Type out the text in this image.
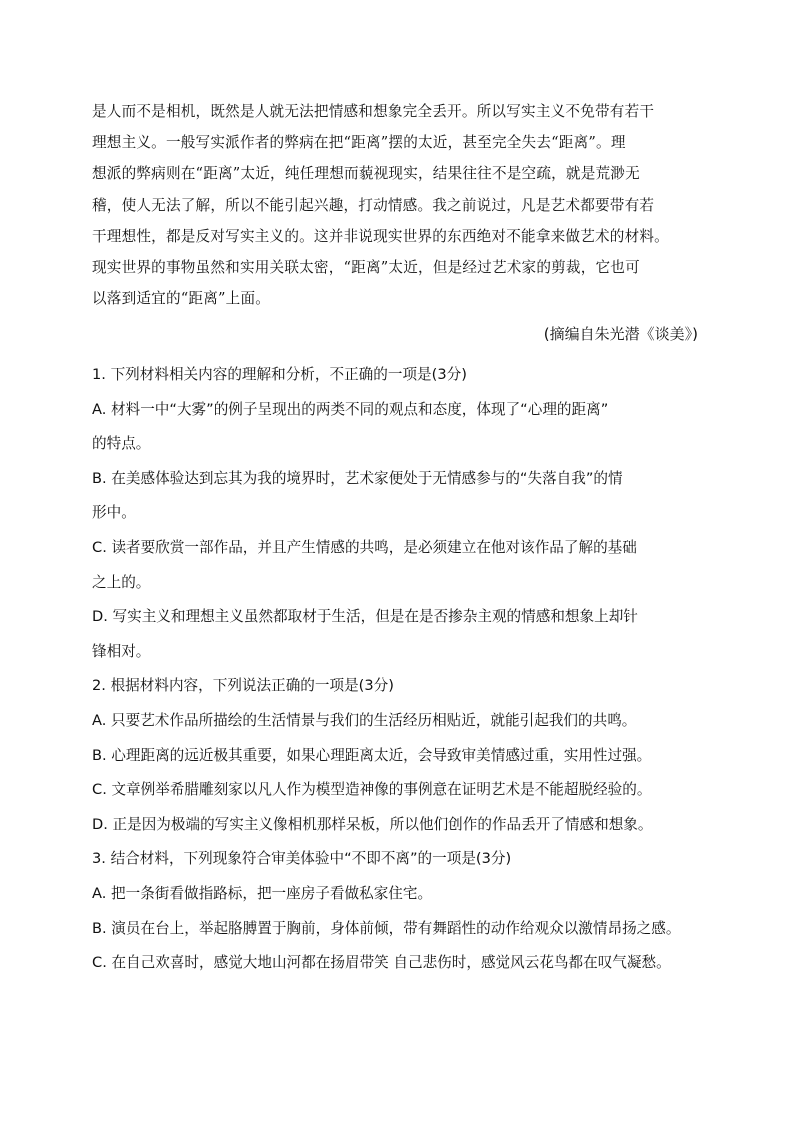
是人而不是相机，既然是人就无法把情感和想象完全丢开。所以写实主义不免带有若干
理想主义。一般写实派作者的弊病在把“距离”摆的太近，甚至完全失去“距离”。理
想派的弊病则在“距离”太近，纯任理想而藐视现实，结果往往不是空疏，就是荒渺无
稽，使人无法了解，所以不能引起兴趣，打动情感。我之前说过，凡是艺术都要带有若
干理想性，都是反对写实主义的。这并非说现实世界的东西绝对不能拿来做艺术的材料。
现实世界的事物虽然和实用关联太密，“距离”太近，但是经过艺术家的剪裁，它也可
以落到适宜的“距离”上面。
(摘编自朱光潜《谈美》)
1. 下列材料相关内容的理解和分析，不正确的一项是(3分)
A. 材料一中“大雾”的例子呈现出的两类不同的观点和态度，体现了“心理的距离”
的特点。
B. 在美感体验达到忘其为我的境界时，艺术家便处于无情感参与的“失落自我”的情
形中。
C. 读者要欣赏一部作品，并且产生情感的共鸣，是必须建立在他对该作品了解的基础
之上的。
D. 写实主义和理想主义虽然都取材于生活，但是在是否掺杂主观的情感和想象上却针
锋相对。
2. 根据材料内容，下列说法正确的一项是(3分)
A. 只要艺术作品所描绘的生活情景与我们的生活经历相贴近，就能引起我们的共鸣。
B. 心理距离的远近极其重要，如果心理距离太近，会导致审美情感过重，实用性过强。
C. 文章例举希腊雕刻家以凡人作为模型造神像的事例意在证明艺术是不能超脱经验的。
D. 正是因为极端的写实主义像相机那样呆板，所以他们创作的作品丢开了情感和想象。
3. 结合材料，下列现象符合审美体验中“不即不离”的一项是(3分)
A. 把一条街看做指路标，把一座房子看做私家住宅。
B. 演员在台上，举起胳膊置于胸前，身体前倾，带有舞蹈性的动作给观众以激情昂扬之感。
C. 在自己欢喜时，感觉大地山河都在扬眉带笑 自己悲伤时，感觉风云花鸟都在叹气凝愁。
